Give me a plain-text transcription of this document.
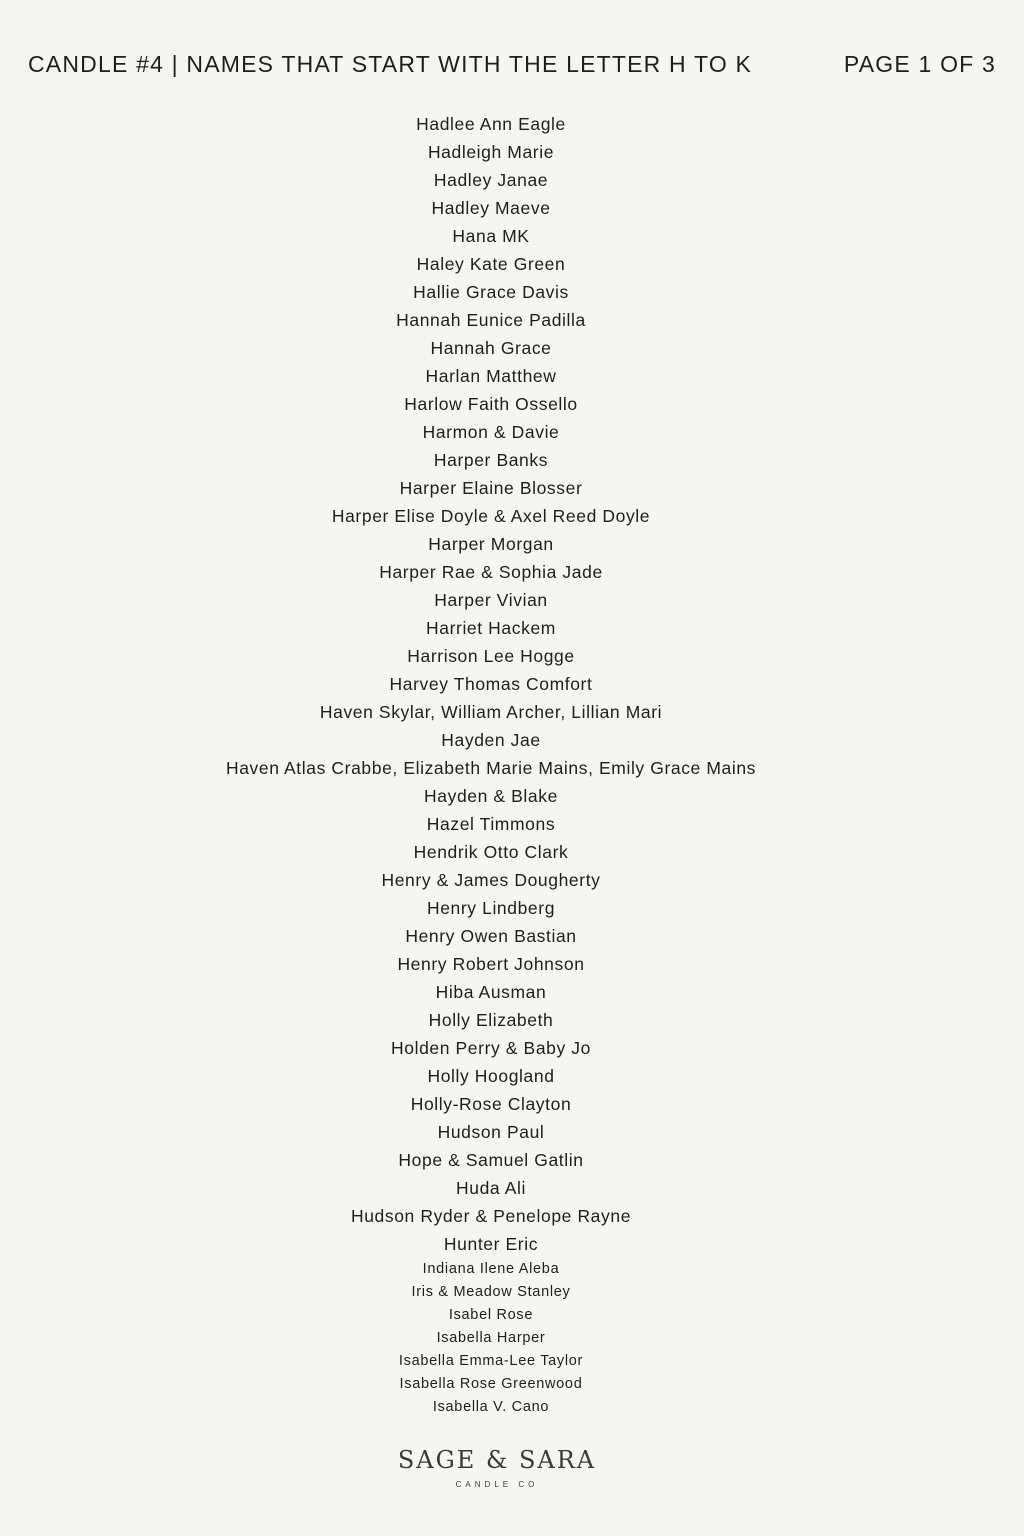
CANDLE #4 | NAMES THAT START WITH THE LETTER H TO K	PAGE 1 OF 3
Hadlee Ann Eagle
Hadleigh Marie
Hadley Janae
Hadley Maeve
Hana MK
Haley Kate Green
Hallie Grace Davis
Hannah Eunice Padilla
Hannah Grace
Harlan Matthew
Harlow Faith Ossello
Harmon & Davie
Harper Banks
Harper Elaine Blosser
Harper Elise Doyle & Axel Reed Doyle
Harper Morgan
Harper Rae & Sophia Jade
Harper Vivian
Harriet Hackem
Harrison Lee Hogge
Harvey Thomas Comfort
Haven Skylar, William Archer, Lillian Mari
Hayden Jae
Haven Atlas Crabbe, Elizabeth Marie Mains, Emily Grace Mains
Hayden & Blake
Hazel Timmons
Hendrik Otto Clark
Henry & James Dougherty
Henry Lindberg
Henry Owen Bastian
Henry Robert Johnson
Hiba Ausman
Holly Elizabeth
Holden Perry & Baby Jo
Holly Hoogland
Holly-Rose Clayton
Hudson Paul
Hope & Samuel Gatlin
Huda Ali
Hudson Ryder & Penelope Rayne
Hunter Eric
Indiana Ilene Aleba
Iris & Meadow Stanley
Isabel Rose
Isabella Harper
Isabella Emma-Lee Taylor
Isabella Rose Greenwood
Isabella V. Cano
SAGE & SARA
CANDLE CO
